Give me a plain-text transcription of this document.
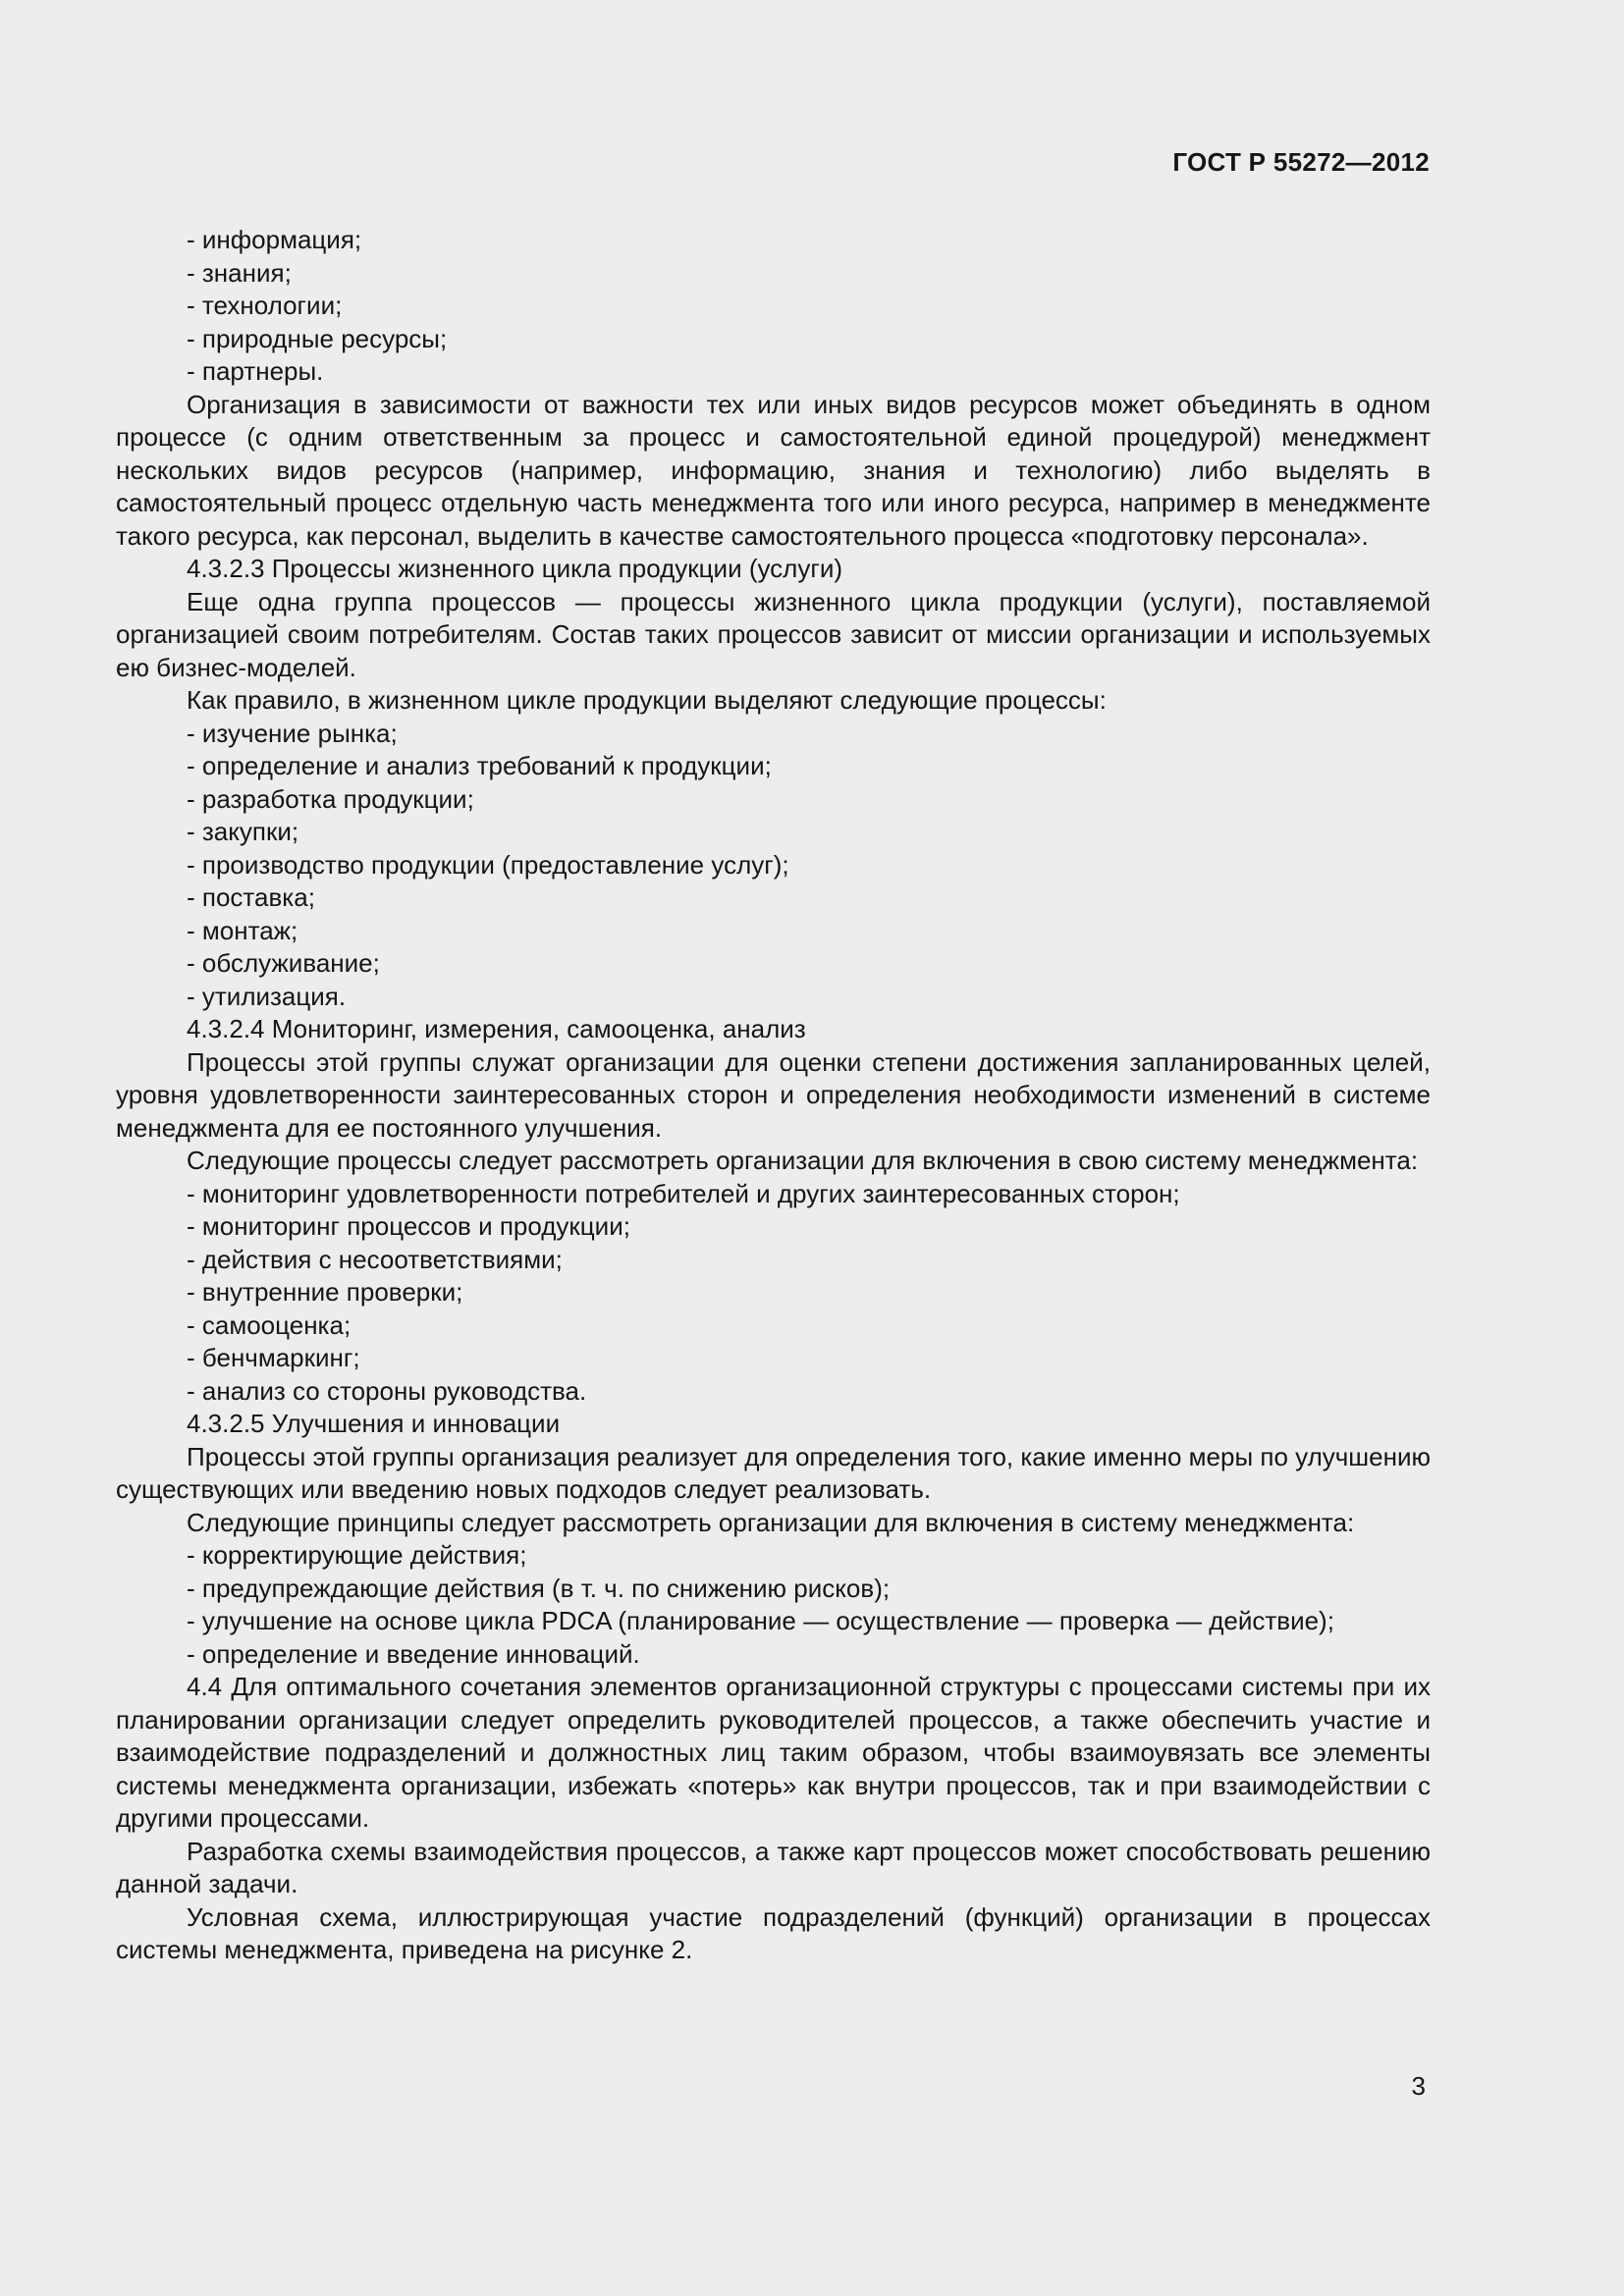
ГОСТ Р 55272—2012

- информация;

- знания;

- технологии;

- природные ресурсы;

- партнеры.

Организация в зависимости от важности тех или иных видов ресурсов может объединять в одном процессе (с одним ответственным за процесс и самостоятельной единой процедурой) менеджмент нескольких видов ресурсов (например, информацию, знания и технологию) либо выделять в самостоятельный процесс отдельную часть менеджмента того или иного ресурса, например в менеджменте такого ресурса, как персонал, выделить в качестве самостоятельного процесса «подготовку персонала».

4.3.2.3 Процессы жизненного цикла продукции (услуги)

Еще одна группа процессов — процессы жизненного цикла продукции (услуги), поставляемой организацией своим потребителям. Состав таких процессов зависит от миссии организации и используемых ею бизнес-моделей.

Как правило, в жизненном цикле продукции выделяют следующие процессы:

- изучение рынка;

- определение и анализ требований к продукции;

- разработка продукции;

- закупки;

- производство продукции (предоставление услуг);

- поставка;

- монтаж;

- обслуживание;

- утилизация.

4.3.2.4 Мониторинг, измерения, самооценка, анализ

Процессы этой группы служат организации для оценки степени достижения запланированных целей, уровня удовлетворенности заинтересованных сторон и определения необходимости изменений в системе менеджмента для ее постоянного улучшения.

Следующие процессы следует рассмотреть организации для включения в свою систему менеджмента:

- мониторинг удовлетворенности потребителей и других заинтересованных сторон;

- мониторинг процессов и продукции;

- действия с несоответствиями;

- внутренние проверки;

- самооценка;

- бенчмаркинг;

- анализ со стороны руководства.

4.3.2.5 Улучшения и инновации

Процессы этой группы организация реализует для определения того, какие именно меры по улучшению существующих или введению новых подходов следует реализовать.

Следующие принципы следует рассмотреть организации для включения в систему менеджмента:

- корректирующие действия;

- предупреждающие действия (в т. ч. по снижению рисков);

- улучшение на основе цикла PDCA (планирование — осуществление — проверка — действие);

- определение и введение инноваций.

4.4 Для оптимального сочетания элементов организационной структуры с процессами системы при их планировании организации следует определить руководителей процессов, а также обеспечить участие и взаимодействие подразделений и должностных лиц таким образом, чтобы взаимоувязать все элементы системы менеджмента организации, избежать «потерь» как внутри процессов, так и при взаимодействии с другими процессами.

Разработка схемы взаимодействия процессов, а также карт процессов может способствовать решению данной задачи.

Условная схема, иллюстрирующая участие подразделений (функций) организации в процессах системы менеджмента, приведена на рисунке 2.

3
